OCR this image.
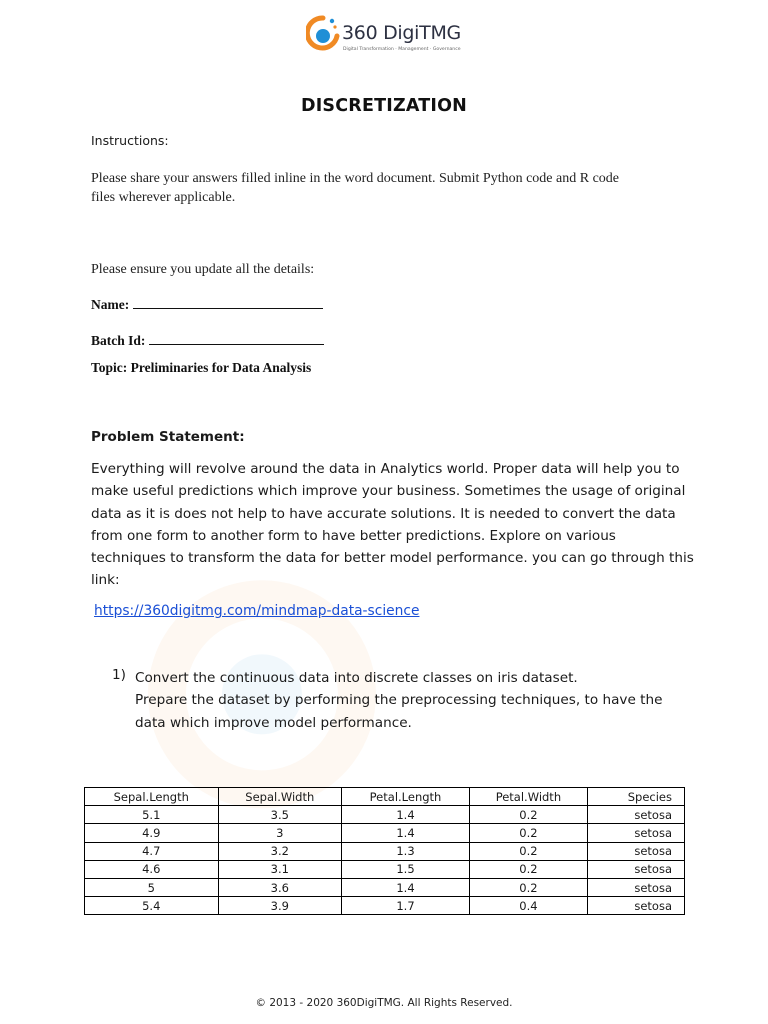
360 DigiTMG
Digital Transformation · Management · Governance
DISCRETIZATION
Instructions:
Please share your answers filled inline in the word document. Submit Python code and R code
files wherever applicable.
Please ensure you update all the details:
Name:
Batch Id:
Topic: Preliminaries for Data Analysis
Problem Statement:
Everything will revolve around the data in Analytics world. Proper data will help you to
make useful predictions which improve your business. Sometimes the usage of original
data as it is does not help to have accurate solutions. It is needed to convert the data
from one form to another form to have better predictions. Explore on various
techniques to transform the data for better model performance. you can go through this
link:
https://360digitmg.com/mindmap-data-science
1) Convert the continuous data into discrete classes on iris dataset.
Prepare the dataset by performing the preprocessing techniques, to have the
data which improve model performance.
Sepal.Length	Sepal.Width	Petal.Length	Petal.Width	Species
5.1	3.5	1.4	0.2	setosa
4.9	3	1.4	0.2	setosa
4.7	3.2	1.3	0.2	setosa
4.6	3.1	1.5	0.2	setosa
5	3.6	1.4	0.2	setosa
5.4	3.9	1.7	0.4	setosa
© 2013 - 2020 360DigiTMG. All Rights Reserved.
